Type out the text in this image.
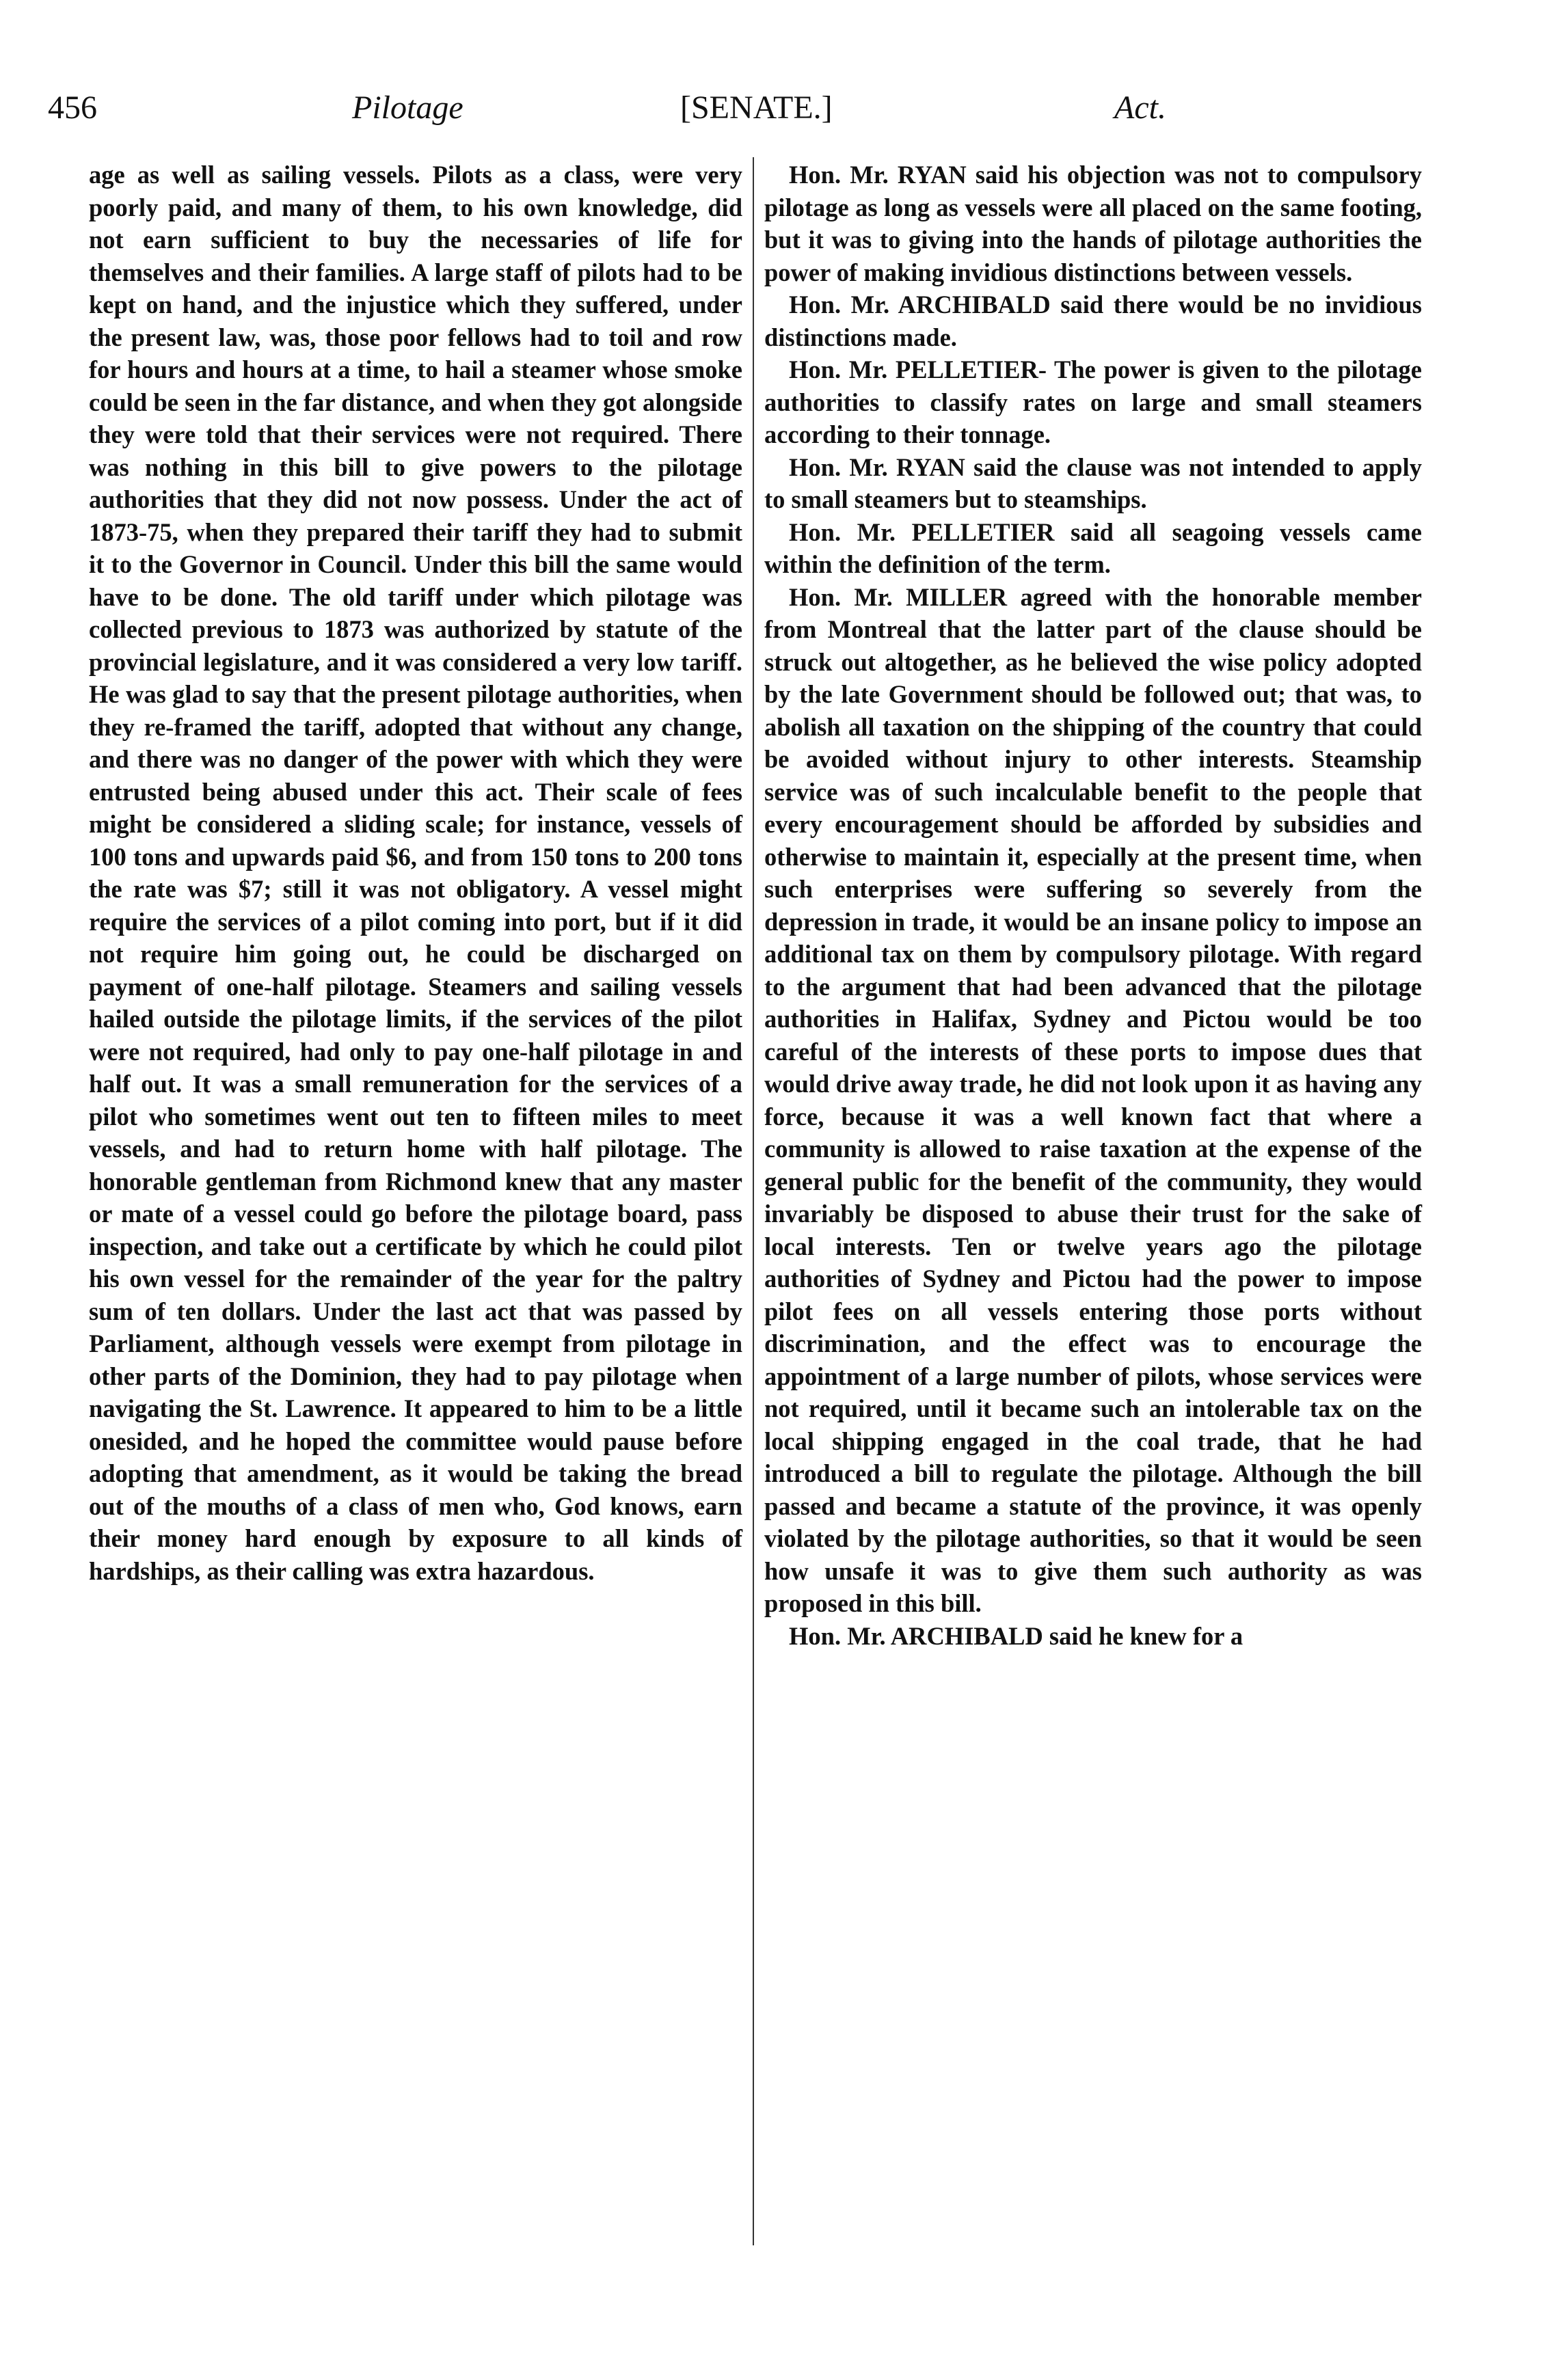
456	Pilotage	[SENATE.]	Act.

age as well as sailing vessels. Pilots as a class, were very poorly paid, and many of them, to his own knowledge, did not earn sufficient to buy the necessaries of life for themselves and their families. A large staff of pilots had to be kept on hand, and the injustice which they suffered, under the present law, was, those poor fellows had to toil and row for hours and hours at a time, to hail a steamer whose smoke could be seen in the far distance, and when they got alongside they were told that their services were not required. There was nothing in this bill to give powers to the pilotage authorities that they did not now possess. Under the act of 1873-75, when they prepared their tariff they had to submit it to the Governor in Council. Under this bill the same would have to be done. The old tariff under which pilotage was collected previous to 1873 was authorized by statute of the provincial legislature, and it was considered a very low tariff. He was glad to say that the present pilotage authorities, when they re-framed the tariff, adopted that without any change, and there was no danger of the power with which they were entrusted being abused under this act. Their scale of fees might be considered a sliding scale; for instance, vessels of 100 tons and upwards paid $6, and from 150 tons to 200 tons the rate was $7; still it was not obligatory. A vessel might require the services of a pilot coming into port, but if it did not require him going out, he could be discharged on payment of one-half pilotage. Steamers and sailing vessels hailed outside the pilotage limits, if the services of the pilot were not required, had only to pay one-half pilotage in and half out. It was a small remuneration for the services of a pilot who sometimes went out ten to fifteen miles to meet vessels, and had to return home with half pilotage. The honorable gentleman from Richmond knew that any master or mate of a vessel could go before the pilotage board, pass inspection, and take out a certificate by which he could pilot his own vessel for the remainder of the year for the paltry sum of ten dollars. Under the last act that was passed by Parliament, although vessels were exempt from pilotage in other parts of the Dominion, they had to pay pilotage when navigating the St. Lawrence. It appeared to him to be a little onesided, and he hoped the committee would pause before adopting that amendment, as it would be taking the bread out of the mouths of a class of men who, God knows, earn their money hard enough by exposure to all kinds of hardships, as their calling was extra hazardous.

Hon. Mr. RYAN said his objection was not to compulsory pilotage as long as vessels were all placed on the same footing, but it was to giving into the hands of pilotage authorities the power of making invidious distinctions between vessels.

Hon. Mr. ARCHIBALD said there would be no invidious distinctions made.

Hon. Mr. PELLETIER- The power is given to the pilotage authorities to classify rates on large and small steamers according to their tonnage.

Hon. Mr. RYAN said the clause was not intended to apply to small steamers but to steamships.

Hon. Mr. PELLETIER said all seagoing vessels came within the definition of the term.

Hon. Mr. MILLER agreed with the honorable member from Montreal that the latter part of the clause should be struck out altogether, as he believed the wise policy adopted by the late Government should be followed out; that was, to abolish all taxation on the shipping of the country that could be avoided without injury to other interests. Steamship service was of such incalculable benefit to the people that every encouragement should be afforded by subsidies and otherwise to maintain it, especially at the present time, when such enterprises were suffering so severely from the depression in trade, it would be an insane policy to impose an additional tax on them by compulsory pilotage. With regard to the argument that had been advanced that the pilotage authorities in Halifax, Sydney and Pictou would be too careful of the interests of these ports to impose dues that would drive away trade, he did not look upon it as having any force, because it was a well known fact that where a community is allowed to raise taxation at the expense of the general public for the benefit of the community, they would invariably be disposed to abuse their trust for the sake of local interests. Ten or twelve years ago the pilotage authorities of Sydney and Pictou had the power to impose pilot fees on all vessels entering those ports without discrimination, and the effect was to encourage the appointment of a large number of pilots, whose services were not required, until it became such an intolerable tax on the local shipping engaged in the coal trade, that he had introduced a bill to regulate the pilotage. Although the bill passed and became a statute of the province, it was openly violated by the pilotage authorities, so that it would be seen how unsafe it was to give them such authority as was proposed in this bill.

Hon. Mr. ARCHIBALD said he knew for a
